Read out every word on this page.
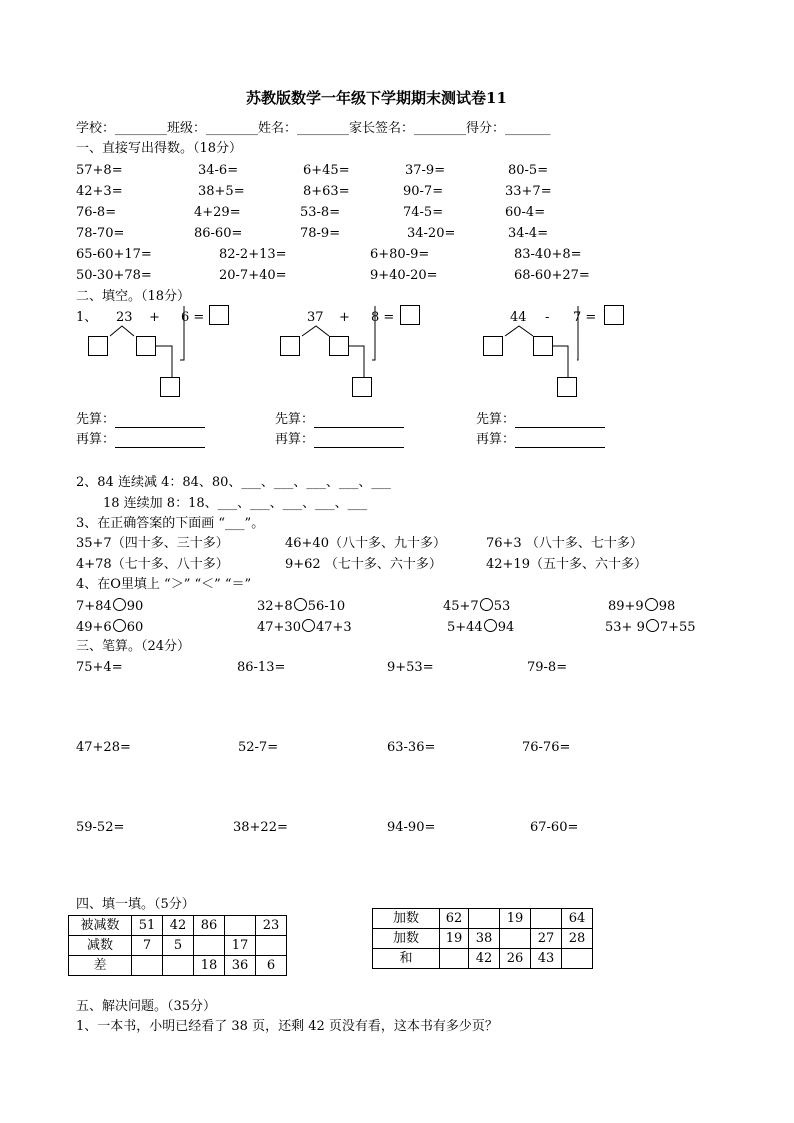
苏教版数学一年级下学期期末测试卷11
学校：________班级：________姓名：________家长签名：________得分：_______
一、直接写出得数。（18分）
57+8=	34-6=	6+45=	37-9=	80-5=
42+3=	38+5=	8+63=	90-7=	33+7=
76-8=	4+29=	53-8=	74-5=	60-4=
78-70=	86-60=	78-9=	34-20=	34-4=
65-60+17=	82-2+13=	6+80-9=	83-40+8=
50-30+78=	20-7+40=	9+40-20=	68-60+27=
二、填空。（18分）
1、 23 + 6 =	37 + 8 =	44 - 7 =
先算：
再算：
先算：
再算：
先算：
再算：
2、84 连续减 4：84、80、___、___、___、___、___
18 连续加 8：18、___、___、___、___、___
3、在正确答案的下面画 “___”。
35+7（四十多、三十多）	46+40（八十多、九十多）	76+3 （八十多、七十多）
4+78（七十多、八十多）	9+62 （七十多、六十多）	42+19（五十多、六十多）
4、在O里填上 “＞” “＜” “＝”
7+84 90	32+8 56-10	45+7 53	89+9 98
49+6 60	47+30 47+3	5+44 94	53+ 9 7+55
三、笔算。（24分）
75+4=	86-13=	9+53=	79-8=
47+28=	52-7=	63-36=	76-76=
59-52=	38+22=	94-90=	67-60=
四、填一填。（5分）
被减数	51	42	86		23
减数	7	5		17	
差			18	36	6
加数	62		19		64
加数	19	38		27	28
和		42	26	43	
五、解决问题。（35分）
1、一本书，小明已经看了 38 页，还剩 42 页没有看，这本书有多少页？
